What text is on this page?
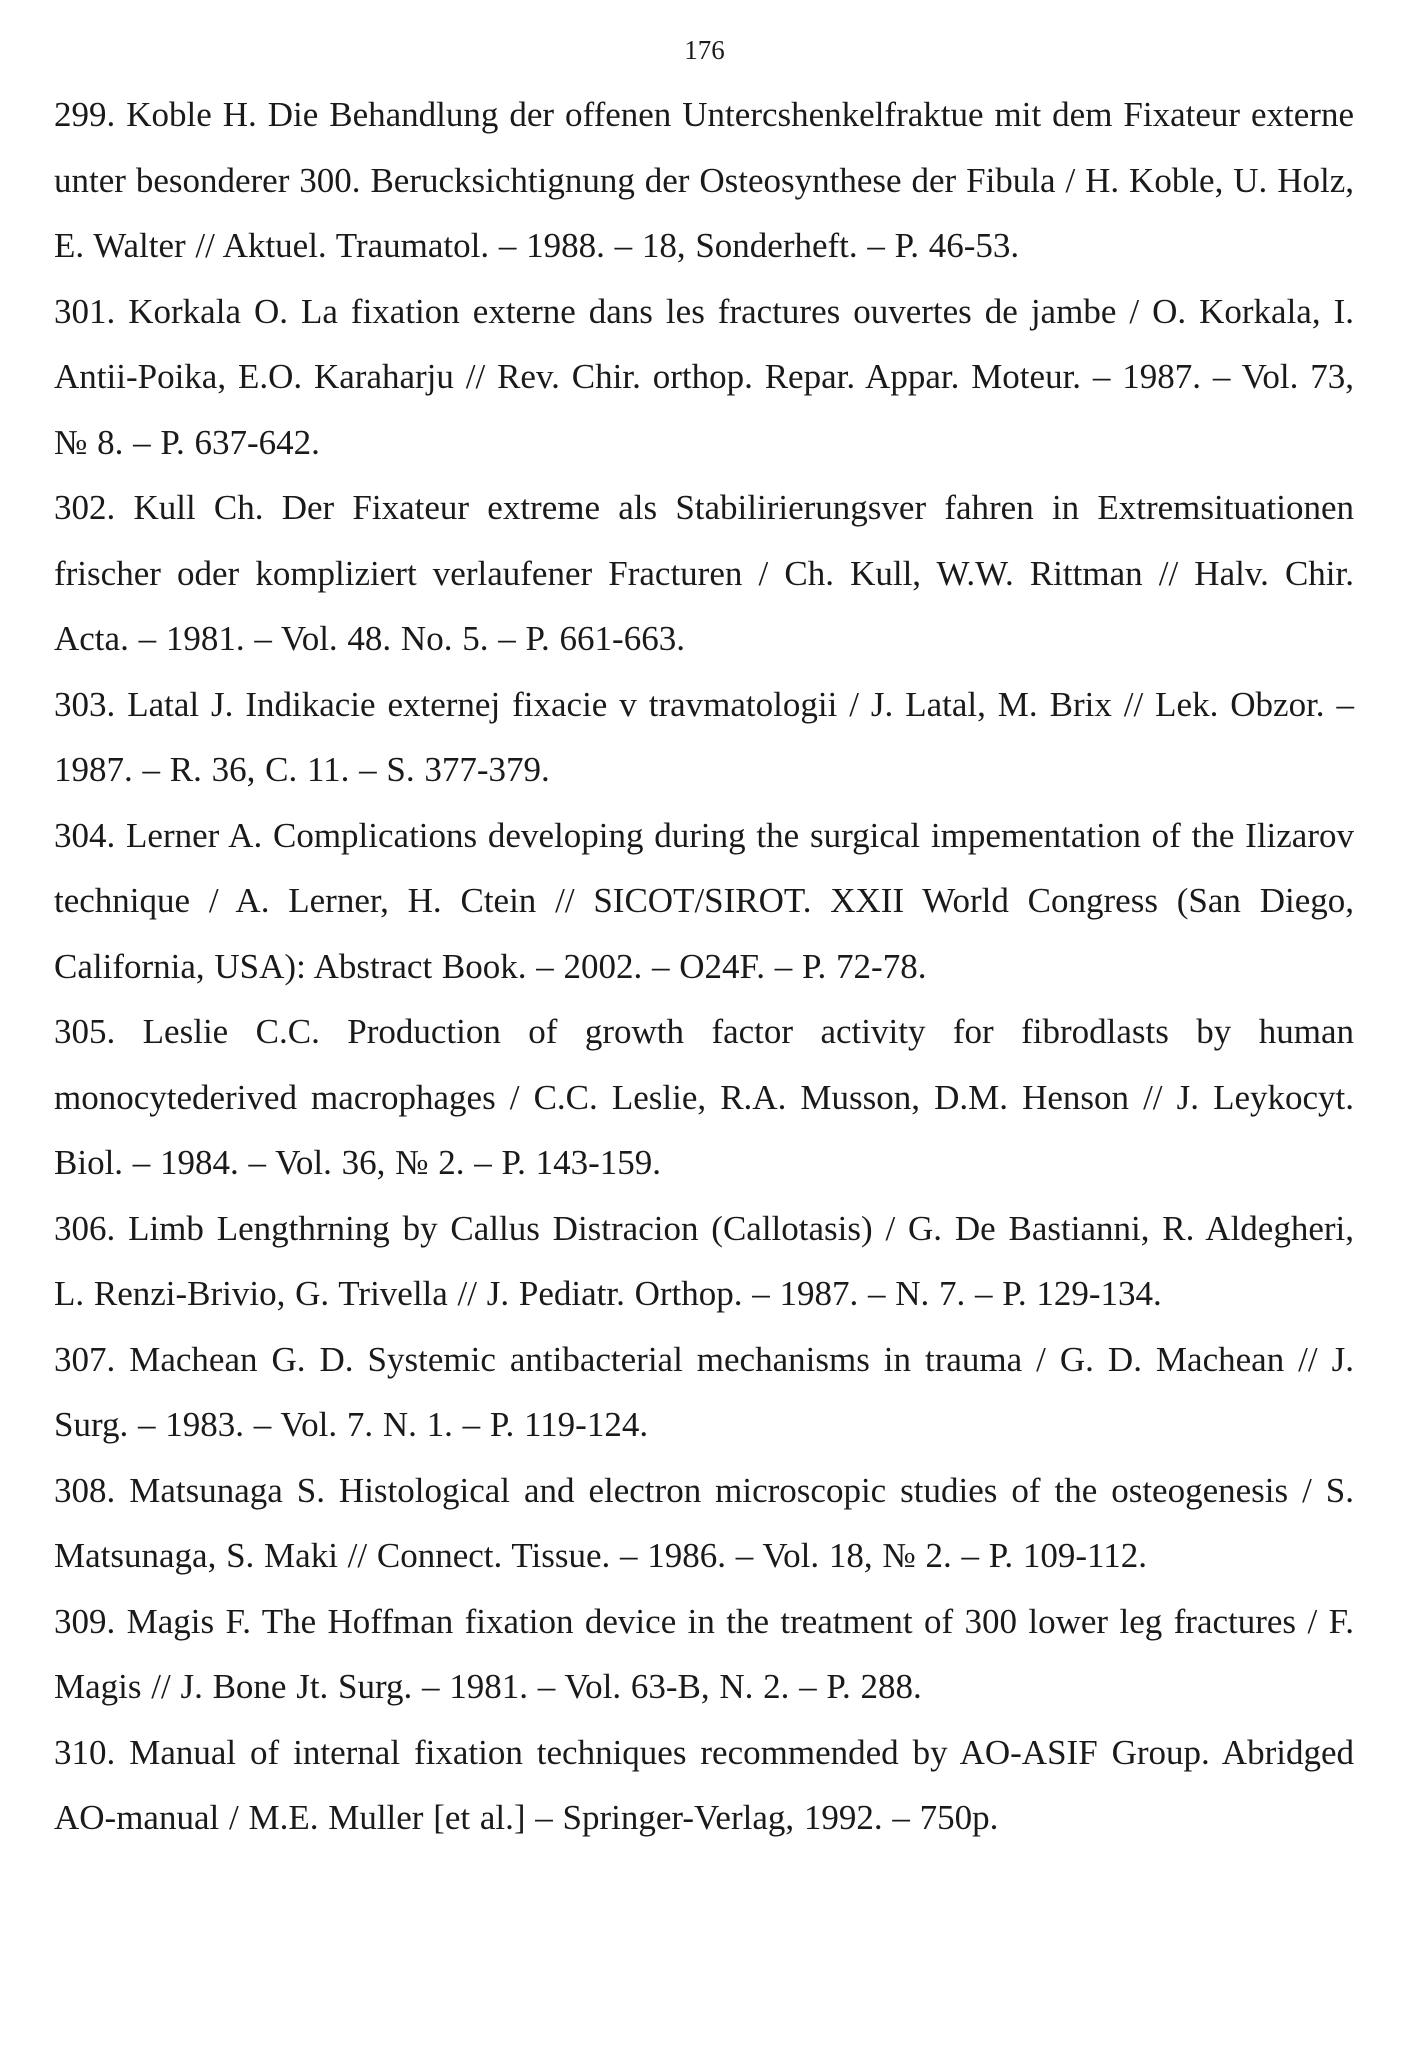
176

299. Koble H. Die Behandlung der offenen Untercshenkelfraktue mit dem Fixateur externe unter besonderer 300. Berucksichtignung der Osteosynthese der Fibula / H. Koble, U. Holz, E. Walter // Aktuel. Traumatol. – 1988. – 18, Sonderheft. – P. 46-53.

301. Korkala O. La fixation externe dans les fractures ouvertes de jambe / O. Korkala, I. Antii-Poika, E.O. Karaharju // Rev. Chir. orthop. Repar. Appar. Moteur. – 1987. – Vol. 73, № 8. – P. 637-642.

302. Kull Ch. Der Fixateur extreme als Stabilirierungsver fahren in Extremsituationen frischer oder kompliziert verlaufener Fracturen / Ch. Kull, W.W. Rittman // Halv. Chir. Acta. – 1981. – Vol. 48. No. 5. – P. 661-663.

303. Latal J. Indikacie externej fixacie v travmatologii / J. Latal, M. Brix // Lek. Obzor. – 1987. – R. 36, C. 11. – S. 377-379.

304. Lerner A. Complications developing during the surgical impementation of the Ilizarov technique / A. Lerner, H. Ctein // SICOT/SIROT. XXII World Congress (San Diego, California, USA): Abstract Book. – 2002. – O24F. – P. 72-78.

305. Leslie C.C. Production of growth factor activity for fibrodlasts by human monocytederived macrophages / C.C. Leslie, R.A. Musson, D.M. Henson // J. Leykocyt. Biol. – 1984. – Vol. 36, № 2. – P. 143-159.

306. Limb Lengthrning by Callus Distracion (Callotasis) / G. De Bastianni, R. Aldegheri, L. Renzi-Brivio, G. Trivella // J. Pediatr. Orthop. – 1987. – N. 7. – P. 129-134.

307. Machean G. D. Systemic antibacterial mechanisms in trauma / G. D. Machean // J. Surg. – 1983. – Vol. 7. N. 1. – P. 119-124.

308. Matsunaga S. Histological and electron microscopic studies of the osteogenesis / S. Matsunaga, S. Maki // Connect. Tissue. – 1986. – Vol. 18, № 2. – P. 109-112.

309. Magis F. The Hoffman fixation device in the treatment of 300 lower leg fractures / F. Magis // J. Bone Jt. Surg. – 1981. – Vol. 63-B, N. 2. – P. 288.

310. Manual of internal fixation techniques recommended by AO-ASIF Group. Abridged AO-manual / M.E. Muller [et al.] – Springer-Verlag, 1992. – 750p.
